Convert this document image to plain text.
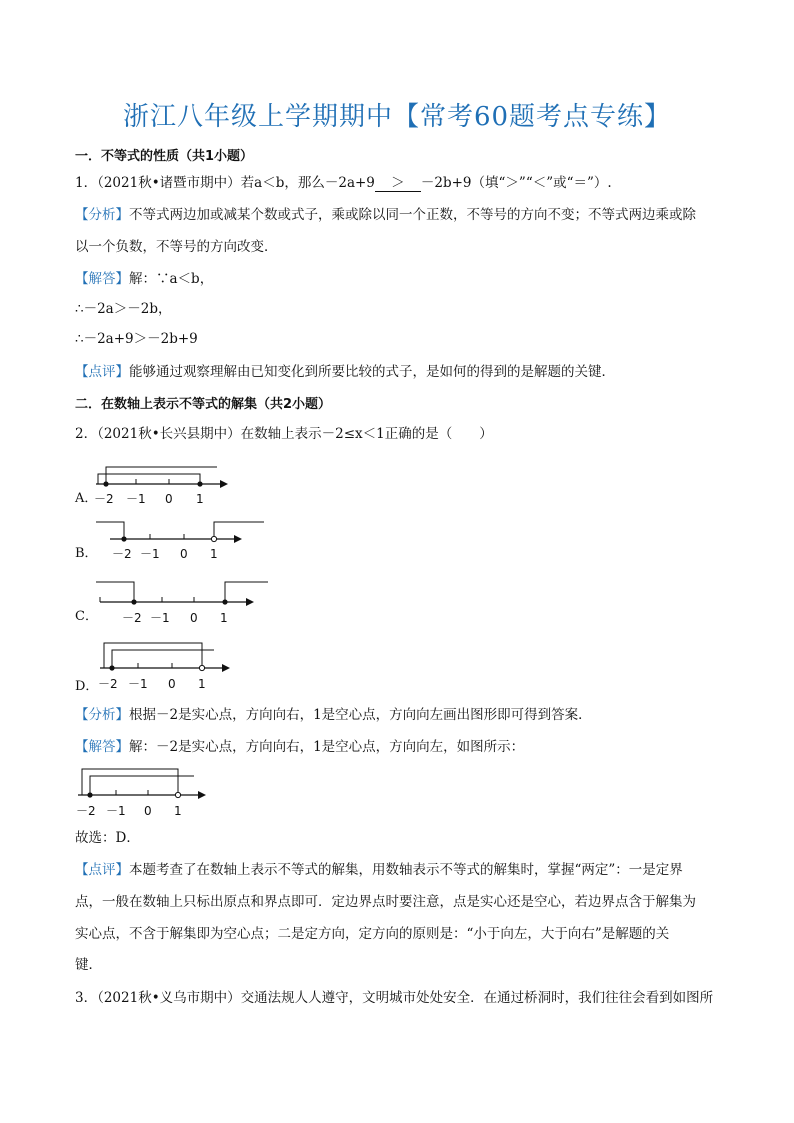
浙江八年级上学期期中【常考60题考点专练】
一．不等式的性质（共1小题）
1．（2021秋•诸暨市期中）若a＜b，那么－2a+9 ＞ －2b+9（填“＞”“＜”或“＝”）.
【分析】不等式两边加或减某个数或式子，乘或除以同一个正数，不等号的方向不变；不等式两边乘或除
以一个负数，不等号的方向改变．
【解答】解：∵a＜b，
∴－2a＞－2b，
∴－2a+9＞－2b+9
【点评】能够通过观察理解由已知变化到所要比较的式子，是如何的得到的是解题的关键．
二．在数轴上表示不等式的解集（共2小题）
2．（2021秋•长兴县期中）在数轴上表示－2≤x＜1正确的是（　　）
A．
－2 －1 0 1
B． －2 －1 0 1
C． －2 －1 0 1
D． －2 －1 0 1
【分析】根据－2是实心点，方向向右，1是空心点，方向向左画出图形即可得到答案．
【解答】解：－2是实心点，方向向右，1是空心点，方向向左，如图所示：
－2 －1 0 1
故选：D．
【点评】本题考查了在数轴上表示不等式的解集，用数轴表示不等式的解集时，掌握“两定”：一是定界
点，一般在数轴上只标出原点和界点即可．定边界点时要注意，点是实心还是空心，若边界点含于解集为
实心点，不含于解集即为空心点；二是定方向，定方向的原则是：“小于向左，大于向右”是解题的关
键．
3．（2021秋•义乌市期中）交通法规人人遵守，文明城市处处安全．在通过桥洞时，我们往往会看到如图所
